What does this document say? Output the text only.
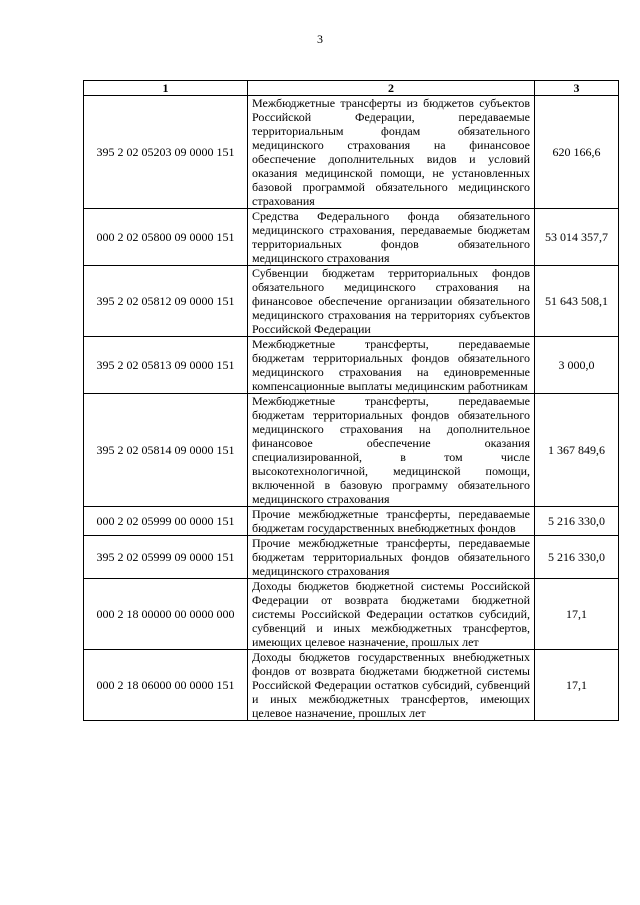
3
1	2	3
395 2 02 05203 09 0000 151	Межбюджетные трансферты из бюджетов субъектов Российской Федерации, передаваемые территориальным фондам обязательного медицинского страхования на финансовое обеспечение дополнительных видов и условий оказания медицинской помощи, не установленных базовой программой обязательного медицинского страхования	620 166,6
000 2 02 05800 09 0000 151	Средства Федерального фонда обязательного медицинского страхования, передаваемые бюджетам территориальных фондов обязательного медицинского страхования	53 014 357,7
395 2 02 05812 09 0000 151	Субвенции бюджетам территориальных фондов обязательного медицинского страхования на финансовое обеспечение организации обязательного медицинского страхования на территориях субъектов Российской Федерации	51 643 508,1
395 2 02 05813 09 0000 151	Межбюджетные трансферты, передаваемые бюджетам территориальных фондов обязательного медицинского страхования на единовременные компенсационные выплаты медицинским работникам	3 000,0
395 2 02 05814 09 0000 151	Межбюджетные трансферты, передаваемые бюджетам территориальных фондов обязательного медицинского страхования на дополнительное финансовое обеспечение оказания специализированной, в том числе высокотехнологичной, медицинской помощи, включенной в базовую программу обязательного медицинского страхования	1 367 849,6
000 2 02 05999 00 0000 151	Прочие межбюджетные трансферты, передаваемые бюджетам государственных внебюджетных фондов	5 216 330,0
395 2 02 05999 09 0000 151	Прочие межбюджетные трансферты, передаваемые бюджетам территориальных фондов обязательного медицинского страхования	5 216 330,0
000 2 18 00000 00 0000 000	Доходы бюджетов бюджетной системы Российской Федерации от возврата бюджетами бюджетной системы Российской Федерации остатков субсидий, субвенций и иных межбюджетных трансфертов, имеющих целевое назначение, прошлых лет	17,1
000 2 18 06000 00 0000 151	Доходы бюджетов государственных внебюджетных фондов от возврата бюджетами бюджетной системы Российской Федерации остатков субсидий, субвенций и иных межбюджетных трансфертов, имеющих целевое назначение, прошлых лет	17,1
